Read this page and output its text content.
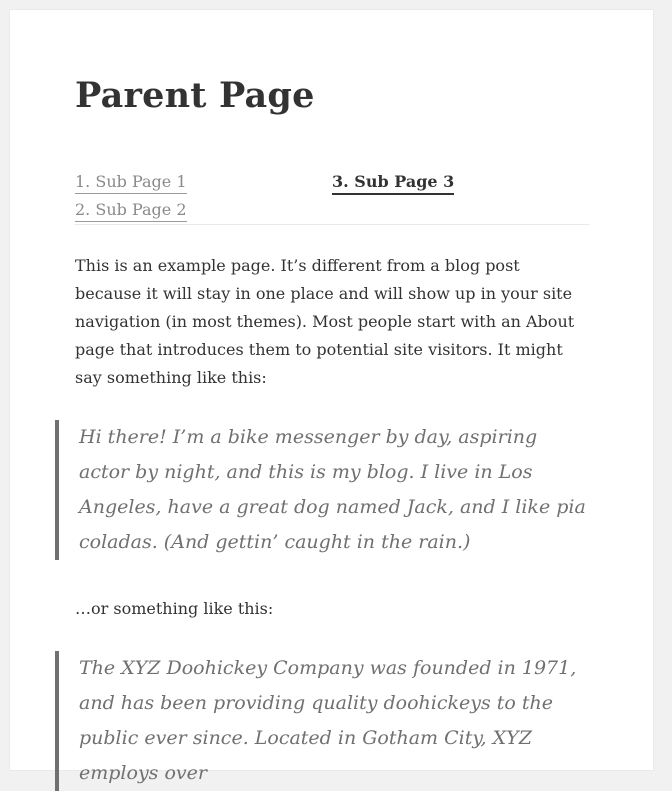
Parent Page
1. Sub Page 1
2. Sub Page 2
3. Sub Page 3

This is an example page. It’s different from a blog post because it will stay in one place and will show up in your site navigation (in most themes). Most people start with an About page that introduces them to potential site visitors. It might say something like this:

Hi there! I’m a bike messenger by day, aspiring actor by night, and this is my blog. I live in Los Angeles, have a great dog named Jack, and I like pia coladas. (And gettin’ caught in the rain.)

…or something like this:

The XYZ Doohickey Company was founded in 1971, and has been providing quality doohickeys to the public ever since. Located in Gotham City, XYZ employs over
